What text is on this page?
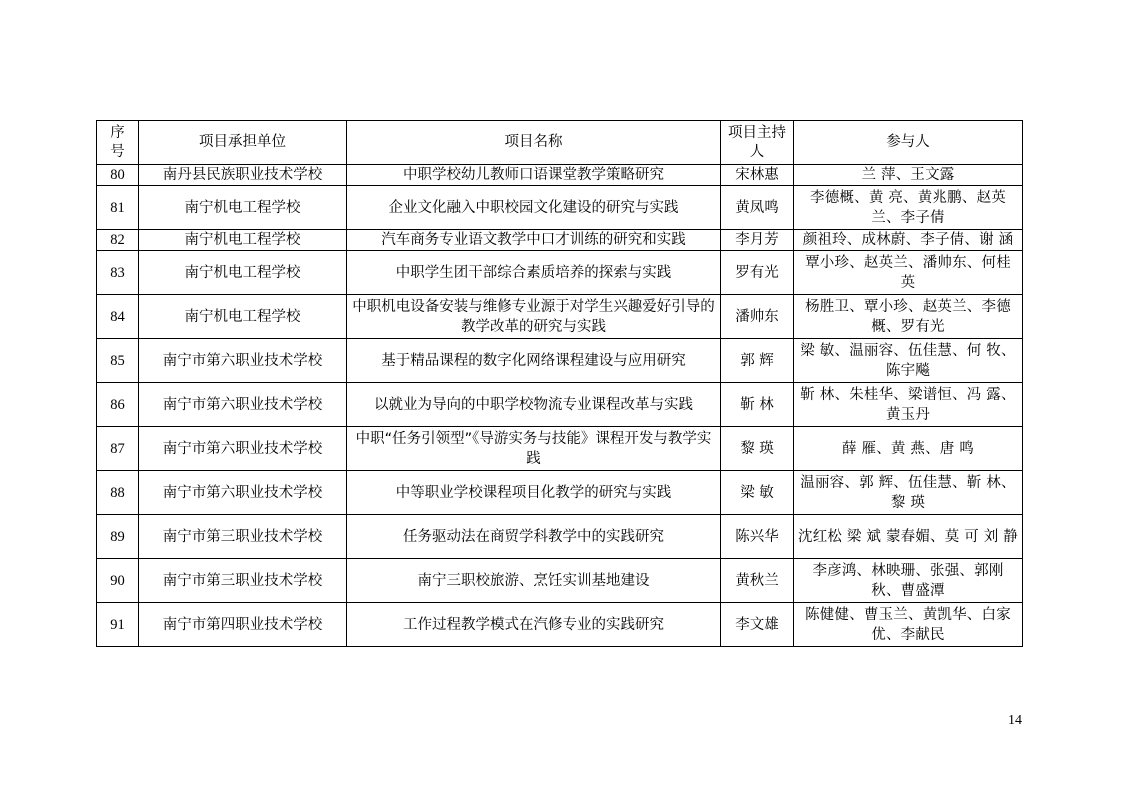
序号	项目承担单位	项目名称	项目主持人	参与人
80	南丹县民族职业技术学校	中职学校幼儿教师口语课堂教学策略研究	宋林惠	兰 萍、王文露
81	南宁机电工程学校	企业文化融入中职校园文化建设的研究与实践	黄凤鸣	李德概、黄 亮、黄兆鹏、赵英兰、李子倩
82	南宁机电工程学校	汽车商务专业语文教学中口才训练的研究和实践	李月芳	颜祖玲、成林蔚、李子倩、谢 涵
83	南宁机电工程学校	中职学生团干部综合素质培养的探索与实践	罗有光	覃小珍、赵英兰、潘帅东、何桂英
84	南宁机电工程学校	中职机电设备安装与维修专业源于对学生兴趣爱好引导的教学改革的研究与实践	潘帅东	杨胜卫、覃小珍、赵英兰、李德概、罗有光
85	南宁市第六职业技术学校	基于精品课程的数字化网络课程建设与应用研究	郭 辉	梁 敏、温丽容、伍佳慧、何 牧、陈宇飚
86	南宁市第六职业技术学校	以就业为导向的中职学校物流专业课程改革与实践	靳 林	靳 林、朱桂华、梁谱恒、冯 露、黄玉丹
87	南宁市第六职业技术学校	中职“任务引领型”《导游实务与技能》课程开发与教学实践	黎 瑛	薛 雁、黄 燕、唐 鸣
88	南宁市第六职业技术学校	中等职业学校课程项目化教学的研究与实践	梁 敏	温丽容、郭 辉、伍佳慧、靳 林、黎 瑛
89	南宁市第三职业技术学校	任务驱动法在商贸学科教学中的实践研究	陈兴华	沈红松 梁 斌 蒙春媚、莫 可 刘 静
90	南宁市第三职业技术学校	南宁三职校旅游、烹饪实训基地建设	黄秋兰	李彦鸿、林映珊、张强、郭刚秋、曹盛潭
91	南宁市第四职业技术学校	工作过程教学模式在汽修专业的实践研究	李文雄	陈健健、曹玉兰、黄凯华、白家优、李献民
14
